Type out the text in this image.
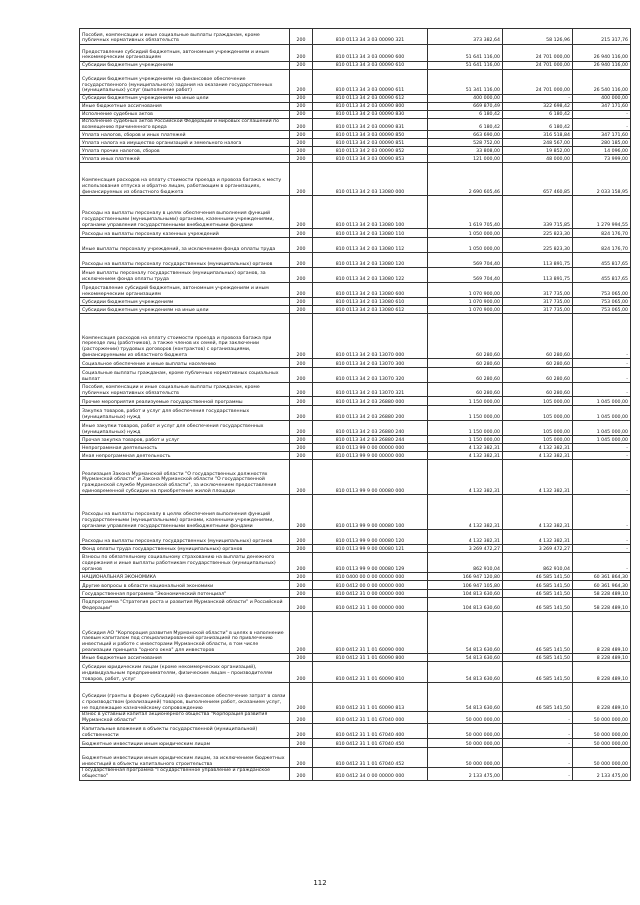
Пособия, компенсации и иные социальные выплаты гражданам, кроме публичных нормативных обязательств	200	810 0113 34 3 03 00090 321	373 382,64	58 126,96	215 317,76
Предоставление субсидий бюджетным, автономным учреждениям и иным некоммерческим организациям	200	810 0113 34 3 03 00090 600	51 641 116,00	24 701 000,00	26 940 116,00
Субсидии бюджетным учреждениям	200	810 0113 34 3 03 00090 610	51 641 116,00	24 701 000,00	26 940 116,00
Субсидии бюджетным учреждениям на финансовое обеспечение государственного (муниципального) задания на оказание государственных (муниципальных) услуг (выполнение работ)	200	810 0113 34 3 03 00090 611	51 341 116,00	24 701 000,00	26 540 116,00
Субсидии бюджетным учреждениям на иные цели	200	810 0113 34 2 03 00090 612	400 000,00	-	400 000,00
Иные бюджетные ассигнования	200	810 0113 34 2 03 00090 800	669 870,49	322 698,42	347 171,60
Исполнение судебных актов	200	810 0113 34 2 03 00090 830	6 180,42	6 180,42	-
Исполнение судебных актов Российской Федерации и мировых соглашений по возмещению причиненного вреда	200	810 0113 34 2 03 00090 831	6 180,42	6 180,42	-
Уплата налогов, сборов и иных платежей	200	810 0113 34 3 03 00090 850	663 690,00	316 518,84	347 171,60
Уплата налога на имущество организаций и земельного налога	200	810 0113 34 2 03 00090 851	528 752,00	248 567,00	280 185,00
Уплата прочих налогов, сборов	200	810 0113 34 2 03 00090 852	33 808,00	19 852,00	14 096,00
Уплата иных платежей	200	810 0113 34 3 03 00090 853	121 000,00	48 000,00	73 999,00
Компенсация расходов на оплату стоимости проезда и провоза багажа к месту использования отпуска и обратно лицам, работающим в организациях, финансируемых из областного бюджета	200	810 0113 34 2 03 13080 000	2 690 605,46	657 460,85	2 033 158,95
Расходы на выплаты персоналу в целях обеспечения выполнения функций государственными (муниципальными) органами, казенными учреждениями, органами управления государственными внебюджетными фондами	200	810 0113 34 2 03 13080 100	1 619 705,40	339 715,85	1 279 994,55
Расходы на выплаты персоналу казенных учреждений	200	810 0113 34 2 03 13080 110	1 050 000,00	225 823,30	824 176,70
Иные выплаты персоналу учреждений, за исключением фонда оплаты труда	200	810 0113 34 2 03 13080 112	1 050 000,00	225 823,30	824 176,70
Расходы на выплаты персоналу государственных (муниципальных) органов	200	810 0113 34 2 03 13080 120	569 704,40	113 891,75	455 817,65
Иные выплаты персоналу государственных (муниципальных) органов, за исключением фонда оплаты труда	200	810 0113 34 2 03 13080 122	569 704,40	113 891,75	455 817,65
Предоставление субсидий бюджетным, автономным учреждениям и иным некоммерческим организациям	200	810 0113 34 2 03 13080 600	1 070 900,00	317 735,00	753 065,00
Субсидии бюджетным учреждениям	200	810 0113 34 2 03 13080 610	1 070 900,00	317 735,00	753 065,00
Субсидии бюджетным учреждениям на иные цели	200	810 0113 34 2 03 13080 612	1 070 900,00	317 735,00	753 065,00
Компенсация расходов на оплату стоимости проезда и провоза багажа при переезде лиц (работников), а также членов их семей, при заключении (расторжении) трудовых договоров (контрактов) с организациями, финансируемыми из областного бюджета	200	810 0113 34 2 03 13070 000	60 280,60	60 280,60	-
Социальное обеспечение и иные выплаты населению	200	810 0113 34 2 03 13070 300	60 280,60	60 280,60	-
Социальные выплаты гражданам, кроме публичных нормативных социальных выплат	200	810 0113 34 2 03 13070 320	60 280,60	60 280,60	-
Пособия, компенсации и иные социальные выплаты гражданам, кроме публичных нормативных обязательств	200	810 0113 34 2 03 13070 321	60 280,60	60 280,60	-
Прочие мероприятия реализуемые государственной программы	200	810 0113 34 2 03 26880 000	1 150 000,00	105 000,00	1 045 000,00
Закупка товаров, работ и услуг для обеспечения государственных (муниципальных) нужд	200	810 0113 34 2 03 26880 200	1 150 000,00	105 000,00	1 045 000,00
Иные закупки товаров, работ и услуг для обеспечения государственных (муниципальных) нужд	200	810 0113 34 2 03 26880 240	1 150 000,00	105 000,00	1 045 000,00
Прочая закупка товаров, работ и услуг	200	810 0113 34 2 03 26880 244	1 150 000,00	105 000,00	1 045 000,00
Непрограммная деятельность	200	810 0113 99 0 00 00000 000	4 132 382,31	4 132 382,31	-
Иная непрограммная деятельность	200	810 0113 99 9 00 00000 000	4 132 382,31	4 132 382,31	-
Реализация Закона Мурманской области "О государственных должностях Мурманской области" и Закона Мурманской области "О государственной гражданской службе Мурманской области", за исключением предоставления единовременной субсидии на приобретение жилой площади	200	810 0113 99 9 00 00080 000	4 132 382,31	4 132 382,31	-
Расходы на выплаты персоналу в целях обеспечения выполнения функций государственными (муниципальными) органами, казенными учреждениями, органами управления государственными внебюджетными фондами	200	810 0113 99 9 00 00080 100	4 132 382,31	4 132 382,31	-
Расходы на выплаты персоналу государственных (муниципальных) органов	200	810 0113 99 9 00 00080 120	4 132 382,31	4 132 382,31	-
Фонд оплаты труда государственных (муниципальных) органов	200	810 0113 99 9 00 00080 121	3 269 472,27	3 269 472,27	-
Взносы по обязательному социальному страхованию на выплаты денежного содержания и иные выплаты работникам государственных (муниципальных) органов	200	810 0113 99 9 00 00080 129	862 910,04	862 910,04	-
НАЦИОНАЛЬНАЯ ЭКОНОМИКА	200	810 0400 00 0 00 00000 000	166 947 120,80	46 585 141,50	60 361 864,30
Другие вопросы в области национальной экономики	200	810 0412 00 0 00 00000 000	106 947 105,80	46 585 141,50	60 361 964,30
Государственная программа "Экономический потенциал"	200	810 0412 31 0 00 00000 000	104 813 630,60	46 585 141,50	58 228 489,10
Подпрограмма "Стратегия роста и развития Мурманской области" и Российской Федерации"	200	810 0412 31 1 00 00000 000	104 813 630,60	46 585 141,50	58 228 489,10
Субсидия АО "Корпорация развития Мурманской области" в целях в наполнение паевым капиталом под специализированной организацией по привлечению инвестиций и работе с инвесторами Мурманской области, в том числе реализации принципа "одного окна" для инвесторов	200	810 0412 31 1 01 60090 000	54 813 630,60	46 585 141,50	8 228 489,10
Иные бюджетные ассигнования	200	810 0412 31 1 01 60090 800	54 813 630,60	46 585 141,50	8 228 489,10
Субсидии юридическим лицам (кроме некоммерческих организаций), индивидуальным предпринимателям, физическим лицам – производителям товаров, работ, услуг	200	810 0412 31 1 01 60090 810	54 813 630,60	46 585 141,50	8 228 489,10
Субсидии (гранты в форме субсидий) на финансовое обеспечение затрат в связи с производством (реализацией) товаров, выполнением работ, оказанием услуг, не подлежащие казначейскому сопровождению	200	810 0412 31 1 01 60090 813	54 813 630,60	46 585 141,50	8 228 489,10
Взнос в уставный капитал акционерного общества "Корпорация развития Мурманской области"	200	810 0412 31 1 01 67040 000	50 000 000,00	-	50 000 000,00
Капитальные вложения в объекты государственной (муниципальной) собственности	200	810 0412 31 1 01 67040 400	50 000 000,00	-	50 000 000,00
Бюджетные инвестиции иным юридическим лицам	200	810 0412 31 1 01 67040 450	50 000 000,00	-	50 000 000,00
Бюджетные инвестиции иным юридическим лицам, за исключением бюджетных инвестиций в объекты капитального строительства	200	810 0412 31 1 01 67040 452	50 000 000,00	-	50 000 000,00
Государственная программа "Государственное управление и гражданское общество"	200	810 0412 34 0 00 00000 000	2 133 475,00	-	2 133 475,00
112
